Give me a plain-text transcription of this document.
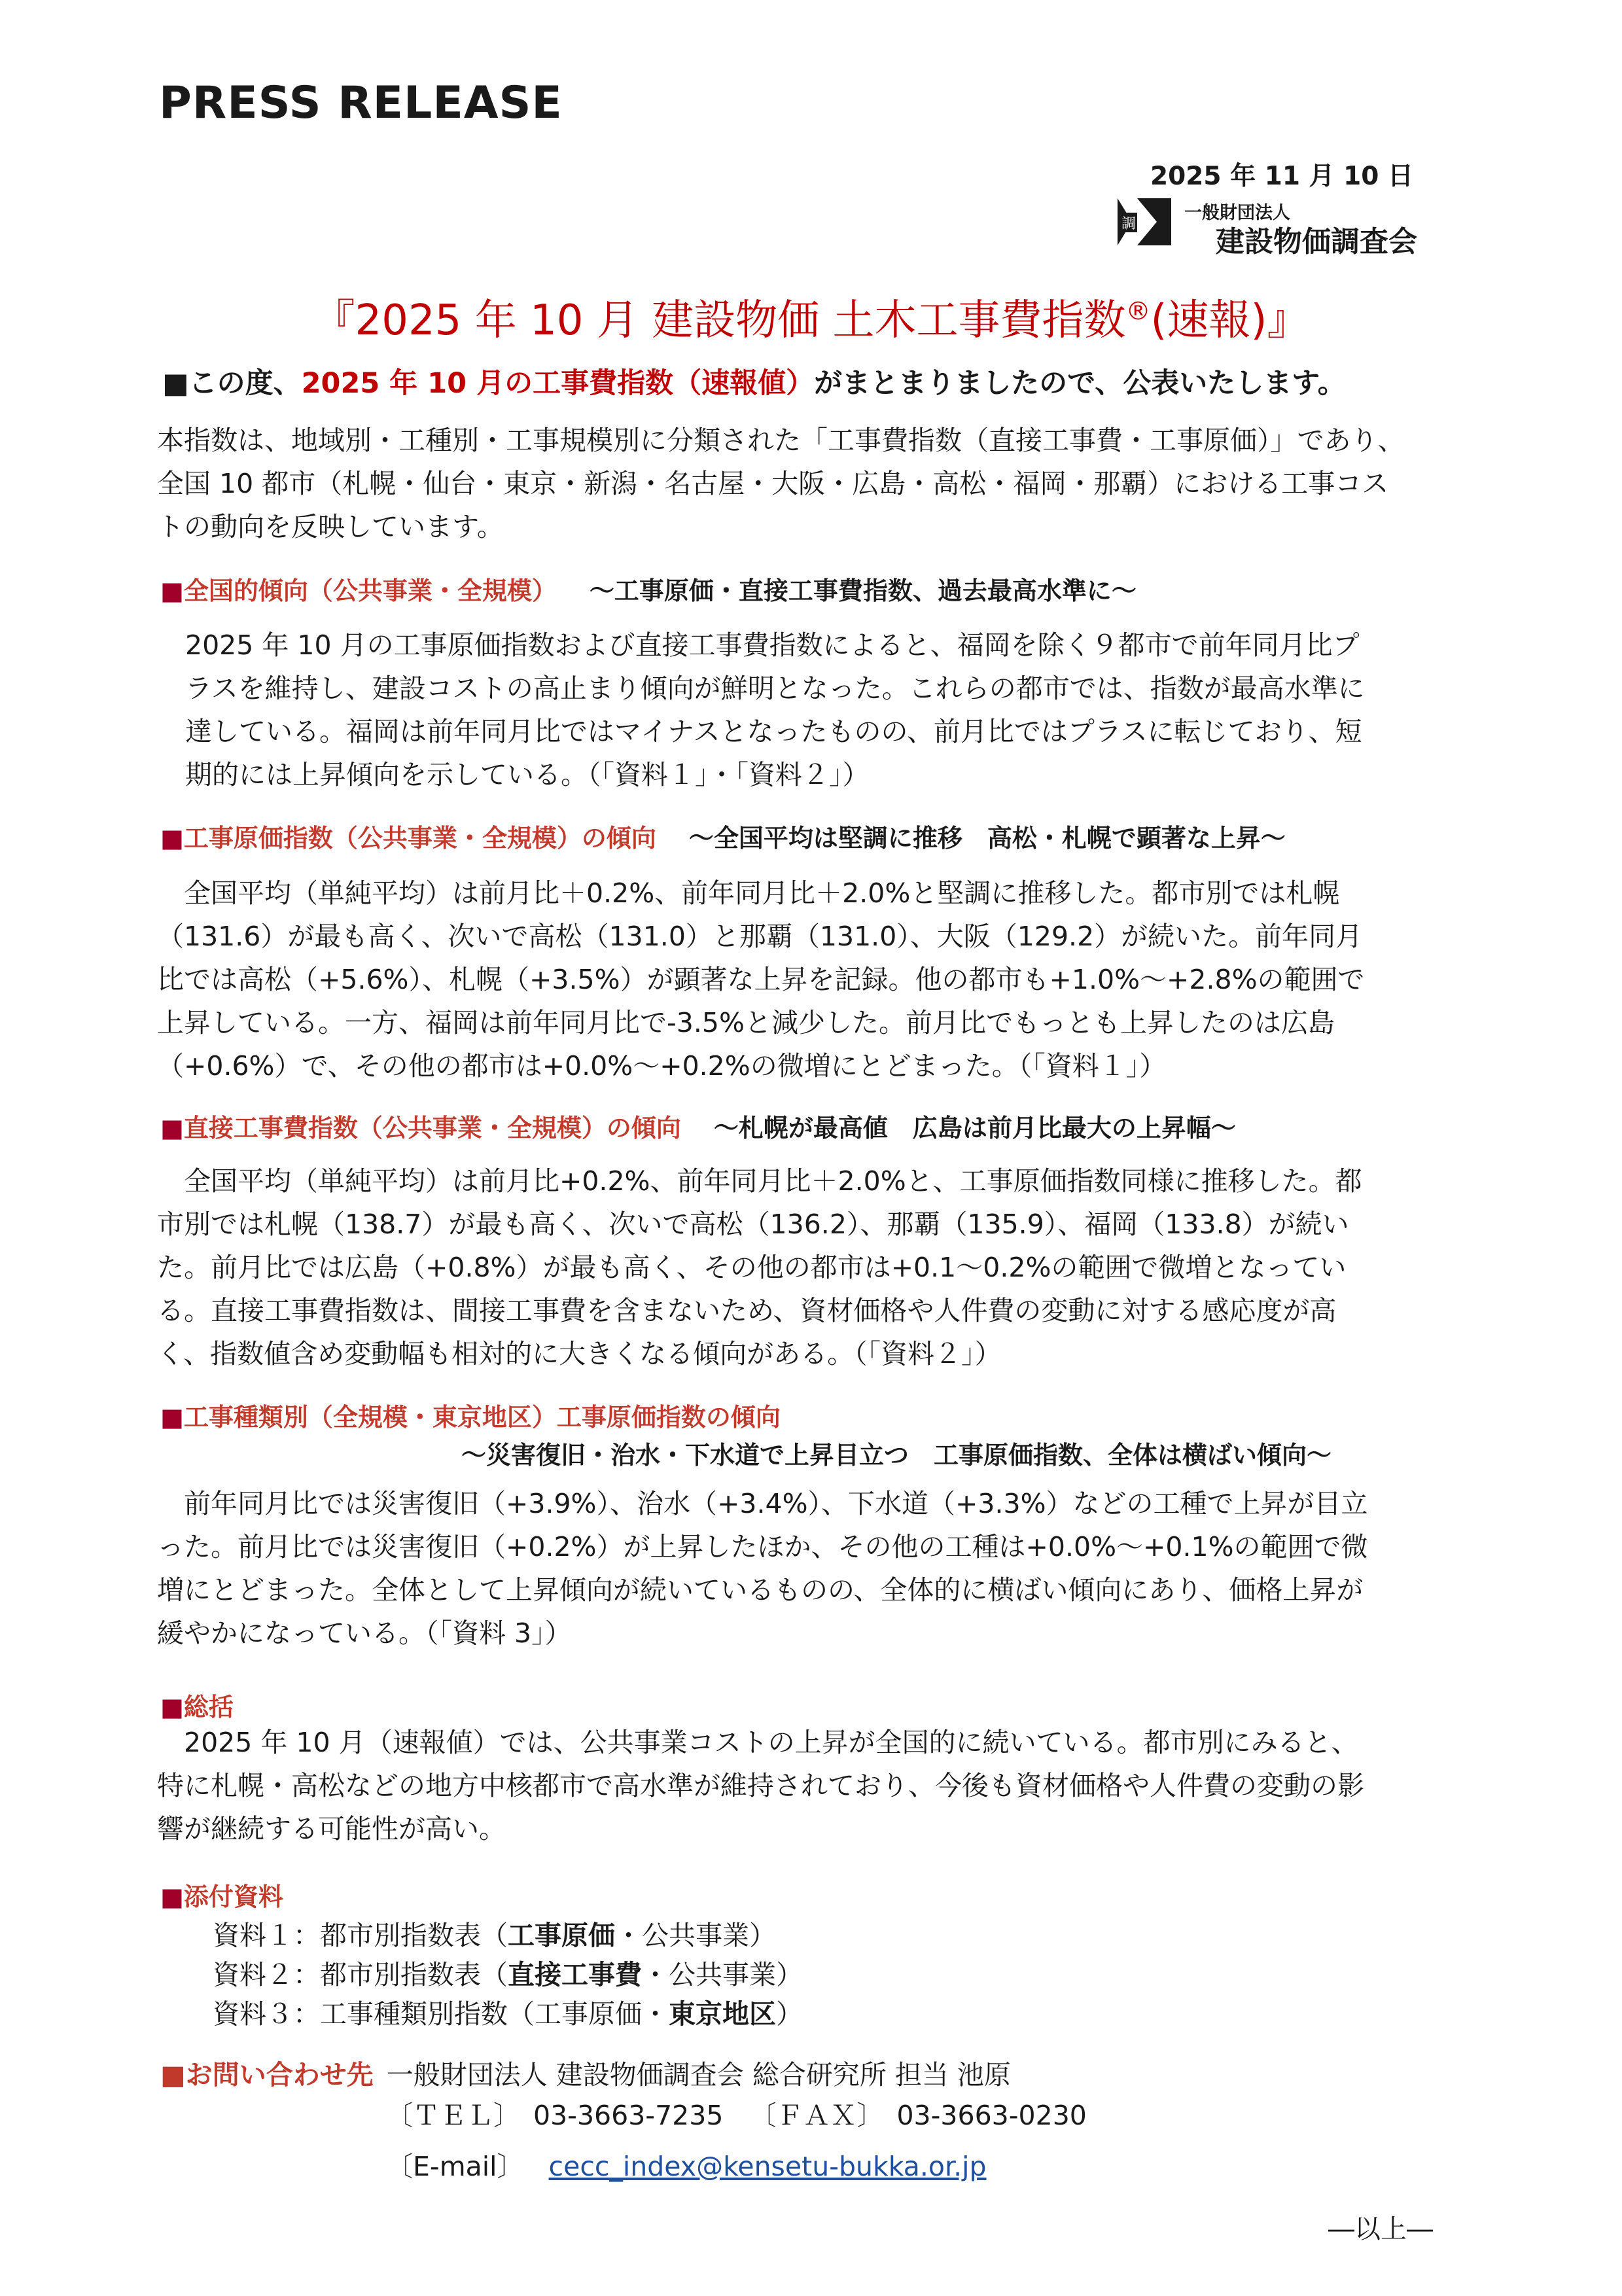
PRESS RELEASE
2025 年 11 月 10 日
調
一般財団法人
建設物価調査会
『2025 年 10 月 建設物価 土木工事費指数®(速報)』
■この度、2025 年 10 月の工事費指数（速報値）がまとまりましたので、公表いたします。

本指数は、地域別・工種別・工事規模別に分類された「工事費指数（直接工事費・工事原価）」であり、

全国 10 都市（札幌・仙台・東京・新潟・名古屋・大阪・広島・高松・福岡・那覇）における工事コス

トの動向を反映しています。

■全国的傾向（公共事業・全規模） ～工事原価・直接工事費指数、過去最高水準に～

2025 年 10 月の工事原価指数および直接工事費指数によると、福岡を除く９都市で前年同月比プ

ラスを維持し、建設コストの高止まり傾向が鮮明となった。これらの都市では、指数が最高水準に

達している。福岡は前年同月比ではマイナスとなったものの、前月比ではプラスに転じており、短

期的には上昇傾向を示している。（「資料１」・「資料２」）

■工事原価指数（公共事業・全規模）の傾向 ～全国平均は堅調に推移　高松・札幌で顕著な上昇～

　全国平均（単純平均）は前月比＋0.2%、前年同月比＋2.0%と堅調に推移した。都市別では札幌

（131.6）が最も高く、次いで高松（131.0）と那覇（131.0）、大阪（129.2）が続いた。前年同月

比では高松（+5.6%）、札幌（+3.5%）が顕著な上昇を記録。他の都市も+1.0%～+2.8%の範囲で

上昇している。一方、福岡は前年同月比で-3.5%と減少した。前月比でもっとも上昇したのは広島

（+0.6%）で、その他の都市は+0.0%～+0.2%の微増にとどまった。（「資料１」）

■直接工事費指数（公共事業・全規模）の傾向 ～札幌が最高値　広島は前月比最大の上昇幅～

　全国平均（単純平均）は前月比+0.2%、前年同月比＋2.0%と、工事原価指数同様に推移した。都

市別では札幌（138.7）が最も高く、次いで高松（136.2）、那覇（135.9）、福岡（133.8）が続い

た。前月比では広島（+0.8%）が最も高く、その他の都市は+0.1～0.2%の範囲で微増となってい

る。直接工事費指数は、間接工事費を含まないため、資材価格や人件費の変動に対する感応度が高

く、指数値含め変動幅も相対的に大きくなる傾向がある。（「資料２」）

■工事種類別（全規模・東京地区）工事原価指数の傾向
～災害復旧・治水・下水道で上昇目立つ　工事原価指数、全体は横ばい傾向～

　前年同月比では災害復旧（+3.9%）、治水（+3.4%）、下水道（+3.3%）などの工種で上昇が目立

った。前月比では災害復旧（+0.2%）が上昇したほか、その他の工種は+0.0%～+0.1%の範囲で微

増にとどまった。全体として上昇傾向が続いているものの、全体的に横ばい傾向にあり、価格上昇が

緩やかになっている。（「資料 3」）

■総括

　2025 年 10 月（速報値）では、公共事業コストの上昇が全国的に続いている。都市別にみると、

特に札幌・高松などの地方中核都市で高水準が維持されており、今後も資材価格や人件費の変動の影

響が継続する可能性が高い。

■添付資料
資料１：都市別指数表（工事原価・公共事業）
資料２：都市別指数表（直接工事費・公共事業）
資料３：工事種類別指数（工事原価・東京地区）
■お問い合わせ先 一般財団法人 建設物価調査会 総合研究所 担当 池原
〔ＴＥＬ〕 03-3663-7235 〔ＦＡＸ〕 03-3663-0230
〔E-mail〕 cecc_index@kensetu-bukka.or.jp
―以上―
